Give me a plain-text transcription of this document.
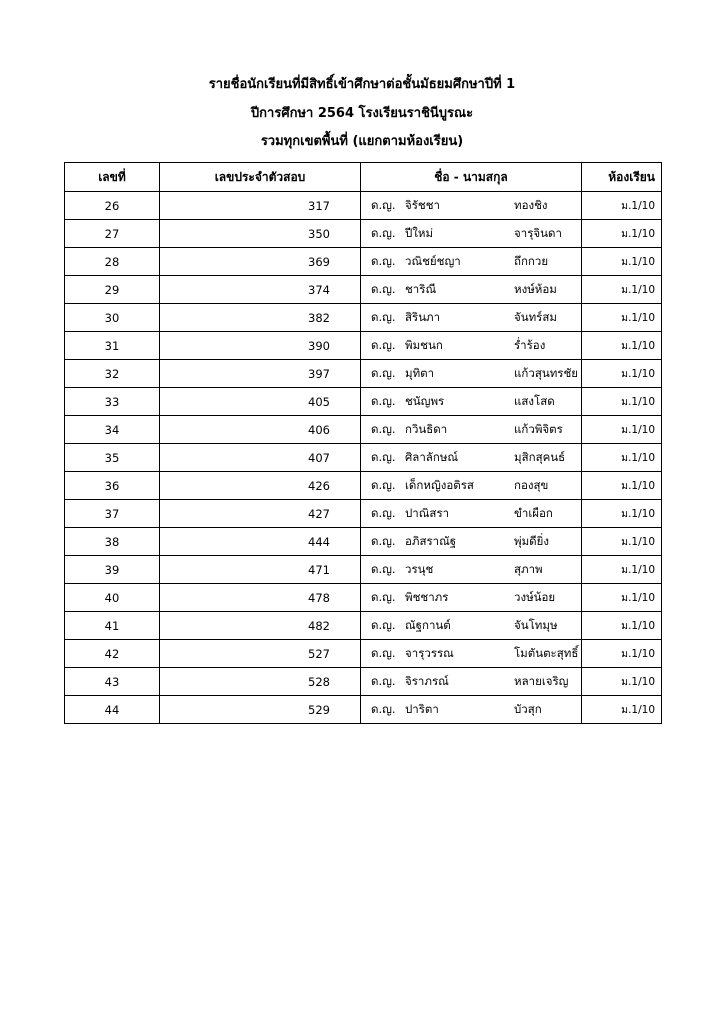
รายชื่อนักเรียนที่มีสิทธิ์เข้าศึกษาต่อชั้นมัธยมศึกษาปีที่ 1
ปีการศึกษา 2564 โรงเรียนราชินีบูรณะ
รวมทุกเขตพื้นที่ (แยกตามห้องเรียน)
เลขที่	เลขประจำตัวสอบ	ชื่อ - นามสกุล	ห้องเรียน
26	317	ด.ญ. จิรัชชา ทองชิง	ม.1/10
27	350	ด.ญ. ปีใหม่ จารุจินดา	ม.1/10
28	369	ด.ญ. วณิชย์ชญา ถึกกวย	ม.1/10
29	374	ด.ญ. ชาริณี หงษ์ห้อม	ม.1/10
30	382	ด.ญ. สิรินภา จันทร์สม	ม.1/10
31	390	ด.ญ. พิมชนก ร่ำร้อง	ม.1/10
32	397	ด.ญ. มุทิตา แก้วสุนทรชัย	ม.1/10
33	405	ด.ญ. ชนัญพร แสงโสด	ม.1/10
34	406	ด.ญ. กวินธิดา แก้วพิจิตร	ม.1/10
35	407	ด.ญ. ศิลาลักษณ์ มุสิกสุคนธ์	ม.1/10
36	426	ด.ญ. เด็กหญิงอติรส กองสุข	ม.1/10
37	427	ด.ญ. ปาณิสรา ขำเผือก	ม.1/10
38	444	ด.ญ. อภิสราณัฐ พุ่มดียิ่ง	ม.1/10
39	471	ด.ญ. วรนุช สุภาพ	ม.1/10
40	478	ด.ญ. พิชชาภร วงษ์น้อย	ม.1/10
41	482	ด.ญ. ณัฐกานต์ จันโทมุษ	ม.1/10
42	527	ด.ญ. จารุวรรณ โมตันตะสุทธิ์	ม.1/10
43	528	ด.ญ. จิราภรณ์ หลายเจริญ	ม.1/10
44	529	ด.ญ. ปาริตา บัวสุก	ม.1/10
